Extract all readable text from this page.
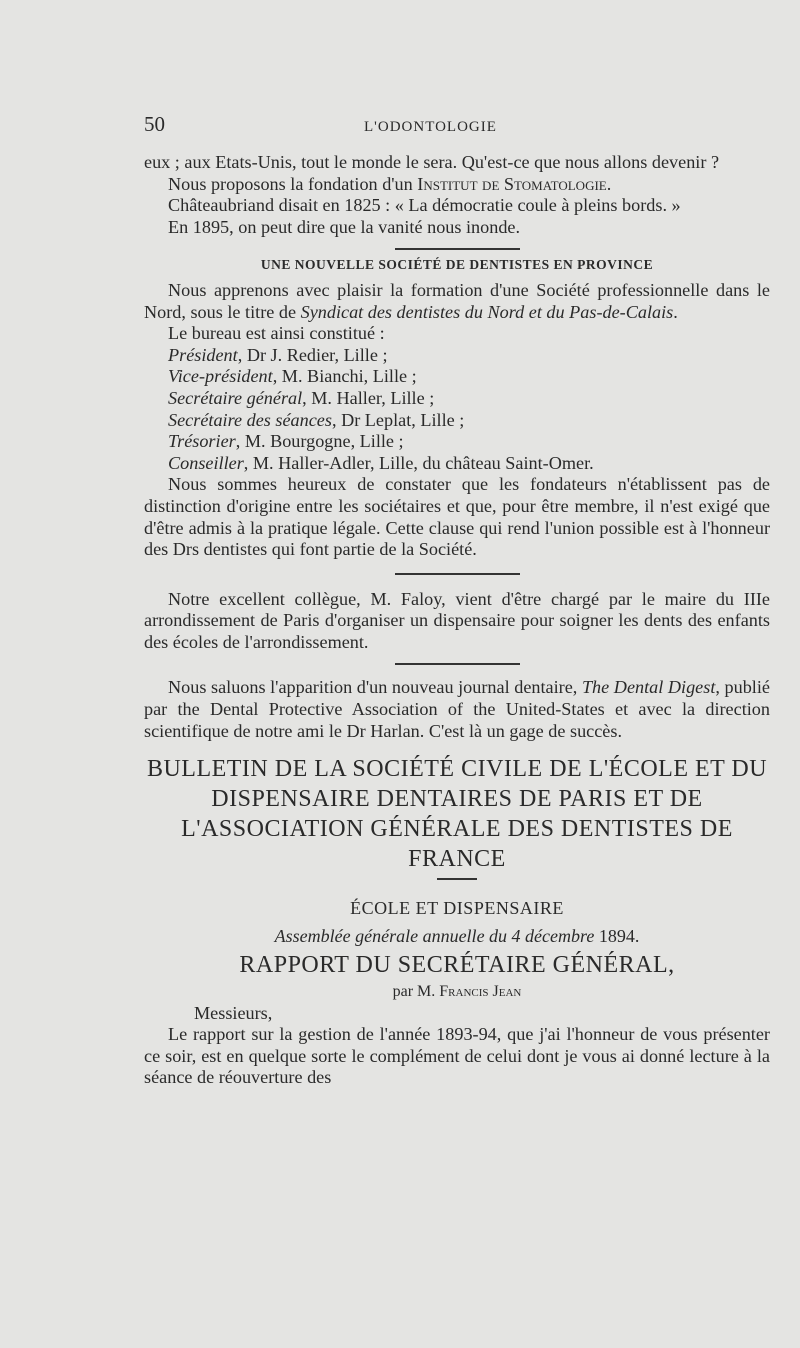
50	L'ODONTOLOGIE

eux ; aux Etats-Unis, tout le monde le sera. Qu'est-ce que nous allons devenir ?

Nous proposons la fondation d'un Institut de Stomatologie.

Châteaubriand disait en 1825 : « La démocratie coule à pleins bords. »

En 1895, on peut dire que la vanité nous inonde.

UNE NOUVELLE SOCIÉTÉ DE DENTISTES EN PROVINCE

Nous apprenons avec plaisir la formation d'une Société professionnelle dans le Nord, sous le titre de Syndicat des dentistes du Nord et du Pas-de-Calais.

Le bureau est ainsi constitué :

Président, Dr J. Redier, Lille ;
Vice-président, M. Bianchi, Lille ;
Secrétaire général, M. Haller, Lille ;
Secrétaire des séances, Dr Leplat, Lille ;
Trésorier, M. Bourgogne, Lille ;
Conseiller, M. Haller-Adler, Lille, du château Saint-Omer.

Nous sommes heureux de constater que les fondateurs n'établissent pas de distinction d'origine entre les sociétaires et que, pour être membre, il n'est exigé que d'être admis à la pratique légale. Cette clause qui rend l'union possible est à l'honneur des Drs dentistes qui font partie de la Société.

Notre excellent collègue, M. Faloy, vient d'être chargé par le maire du IIIe arrondissement de Paris d'organiser un dispensaire pour soigner les dents des enfants des écoles de l'arrondissement.

Nous saluons l'apparition d'un nouveau journal dentaire, The Dental Digest, publié par the Dental Protective Association of the United-States et avec la direction scientifique de notre ami le Dr Harlan. C'est là un gage de succès.

BULLETIN DE LA SOCIÉTÉ CIVILE DE L'ÉCOLE ET DU DISPENSAIRE DENTAIRES DE PARIS ET DE L'ASSOCIATION GÉNÉRALE DES DENTISTES DE FRANCE
ÉCOLE ET DISPENSAIRE
Assemblée générale annuelle du 4 décembre 1894.
RAPPORT DU SECRÉTAIRE GÉNÉRAL,
par M. Francis Jean

Messieurs,

Le rapport sur la gestion de l'année 1893-94, que j'ai l'honneur de vous présenter ce soir, est en quelque sorte le complément de celui dont je vous ai donné lecture à la séance de réouverture des
